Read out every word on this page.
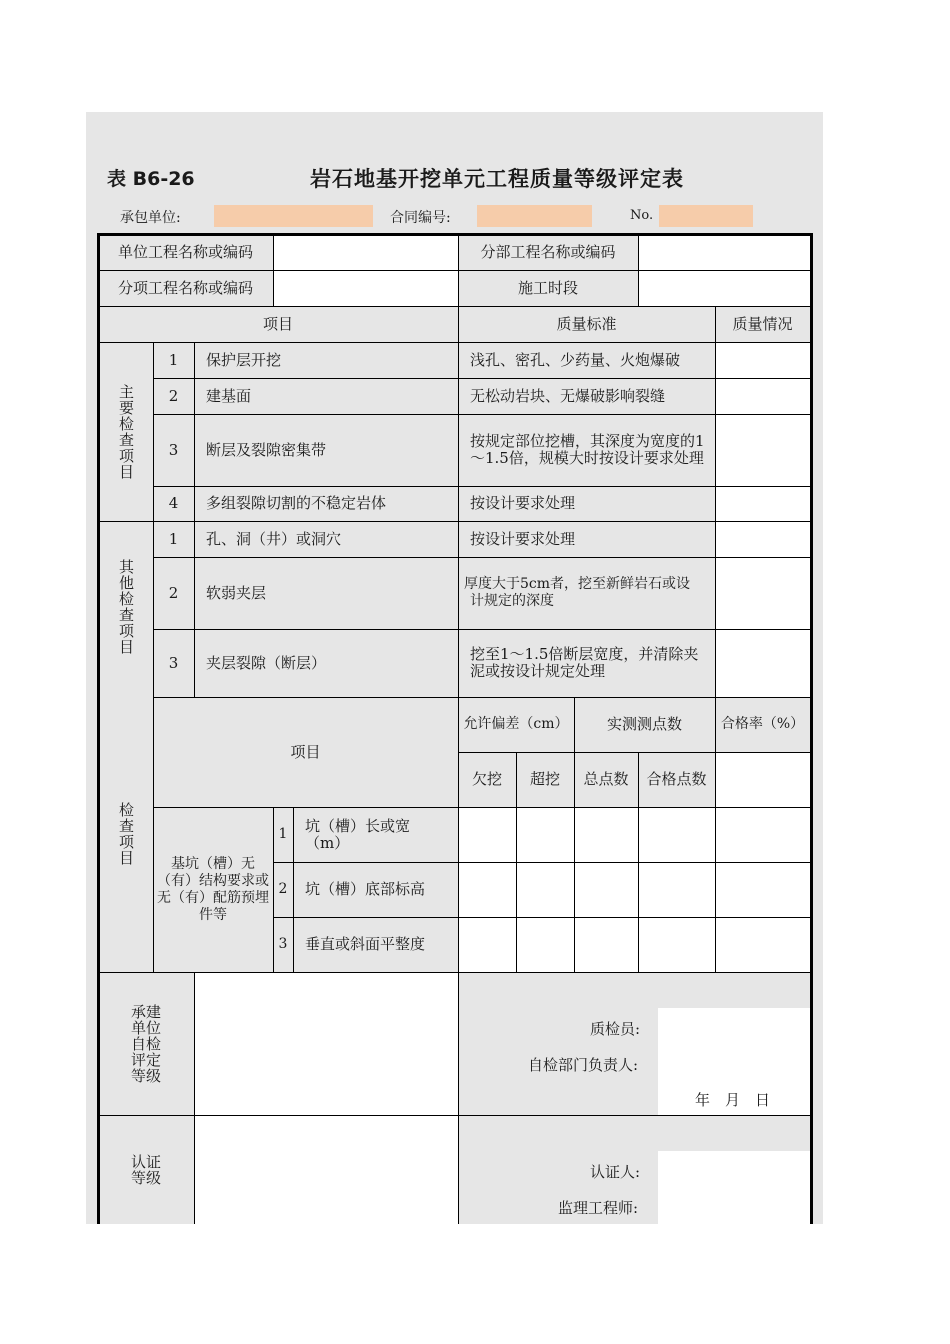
表 B6-26	岩石地基开挖单元工程质量等级评定表
承包单位:	合同编号:	No.
单位工程名称或编码	分部工程名称或编码
分项工程名称或编码	施工时段
项目	质量标准	质量情况
主要检查项目
1	保护层开挖	浅孔、密孔、少药量、火炮爆破
2	建基面	无松动岩块、无爆破影响裂缝
3	断层及裂隙密集带	按规定部位挖槽，其深度为宽度的1～1.5倍，规模大时按设计要求处理
4	多组裂隙切割的不稳定岩体	按设计要求处理
其他检查项目
1	孔、洞（井）或洞穴	按设计要求处理
2	软弱夹层	厚度大于5cm者，挖至新鲜岩石或设
计规定的深度
3	夹层裂隙（断层）	挖至1～1.5倍断层宽度，并清除夹泥或按设计规定处理
检查项目
项目
允许偏差（cm）	实测测点数	合格率（%）
欠挖	超挖	总点数	合格点数
基坑（槽）无（有）结构要求或无（有）配筋预埋件等
1	坑（槽）长或宽（m）
2	坑（槽）底部标高
3	垂直或斜面平整度
承建单位自检评定等级
质检员:
自检部门负责人:
年　月　日
认证等级	认证人:
监理工程师:
